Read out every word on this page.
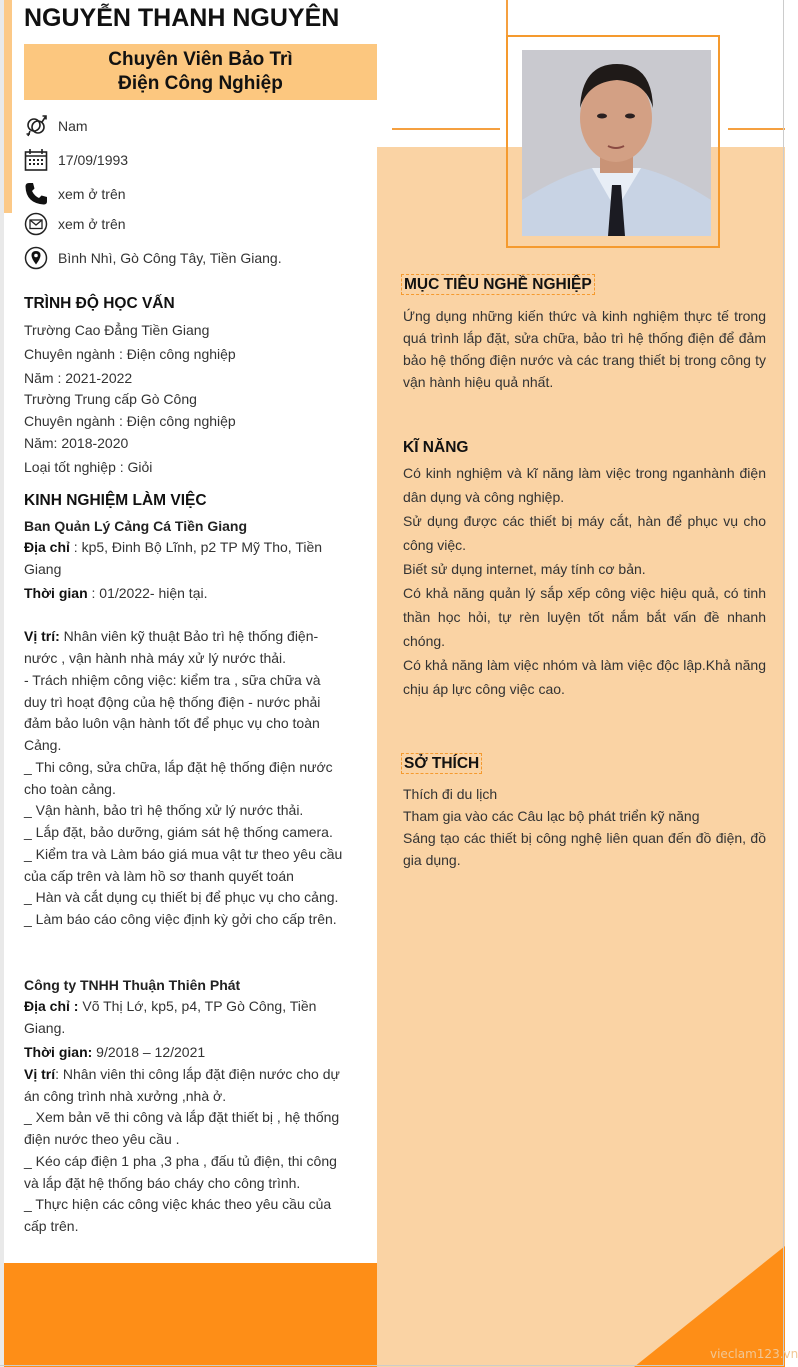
vieclam123.vn
NGUYỄN THANH NGUYÊN
Chuyên Viên Bảo Trì
Điện Công Nghiệp
Nam
17/09/1993
xem ở trên
xem ở trên
Bình Nhì, Gò Công Tây, Tiền Giang.
TRÌNH ĐỘ HỌC VẤN
Trường Cao Đẳng Tiền Giang
Chuyên ngành : Điện công nghiệp
Năm : 2021-2022
Trường Trung cấp Gò Công
Chuyên ngành : Điện công nghiệp
Năm: 2018-2020
Loại tốt nghiệp : Giỏi
KINH NGHIỆM LÀM VIỆC
Ban Quản Lý Cảng Cá Tiền Giang
Địa chỉ : kp5, Đinh Bộ Lĩnh, p2 TP Mỹ Tho, Tiền Giang
Thời gian : 01/2022- hiện tại.
Vị trí: Nhân viên kỹ thuật Bảo trì hệ thống điện-nước , vận hành nhà máy xử lý nước thải.
- Trách nhiệm công việc: kiểm tra , sữa chữa và duy trì hoạt động của hệ thống điện - nước phải đảm bảo luôn vận hành tốt để phục vụ cho toàn Cảng.
_ Thi công, sửa chữa, lắp đặt hệ thống điện nước cho toàn cảng.
_ Vận hành, bảo trì hệ thống xử lý nước thải.
_ Lắp đặt, bảo dưỡng, giám sát hệ thống camera.
_ Kiểm tra và Làm báo giá mua vật tư theo yêu cầu của cấp trên và làm hồ sơ thanh quyết toán
_ Hàn và cắt dụng cụ thiết bị để phục vụ cho cảng.
_ Làm báo cáo công việc định kỳ gởi cho cấp trên.
Công ty TNHH Thuận Thiên Phát
Địa chỉ : Võ Thị Lớ, kp5, p4, TP Gò Công, Tiền Giang.
Thời gian: 9/2018 – 12/2021
Vị trí: Nhân viên thi công lắp đặt điện nước cho dự án công trình nhà xưởng ,nhà ở.
_ Xem bản vẽ thi công và lắp đặt thiết bị , hệ thống điện nước theo yêu cầu .
_ Kéo cáp điện 1 pha ,3 pha , đấu tủ điện, thi công và lắp đặt hệ thống báo cháy cho công trình.
_ Thực hiện các công việc khác theo yêu cầu của cấp trên.
MỤC TIÊU NGHỀ NGHIỆP
Ứng dụng những kiến thức và kinh nghiệm thực tế trong quá trình lắp đặt, sửa chữa, bảo trì hệ thống điện để đảm bảo hệ thống điện nước và các trang thiết bị trong công ty vận hành hiệu quả nhất.
KĨ NĂNG
Có kinh nghiệm và kĩ năng làm việc trong nganhành điện dân dụng và công nghiệp.
Sử dụng được các thiết bị máy cắt, hàn để phục vụ cho công việc.
Biết sử dụng internet, máy tính cơ bản.
Có khả năng quản lý sắp xếp công việc hiệu quả, có tinh thần học hỏi, tự rèn luyện tốt nắm bắt vấn đề nhanh chóng.
Có khả năng làm việc nhóm và làm việc độc lập.Khả năng chịu áp lực công việc cao.
SỞ THÍCH
Thích đi du lịch
Tham gia vào các Câu lạc bộ phát triển kỹ năng
Sáng tạo các thiết bị công nghệ liên quan đến đồ điện, đồ gia dụng.
